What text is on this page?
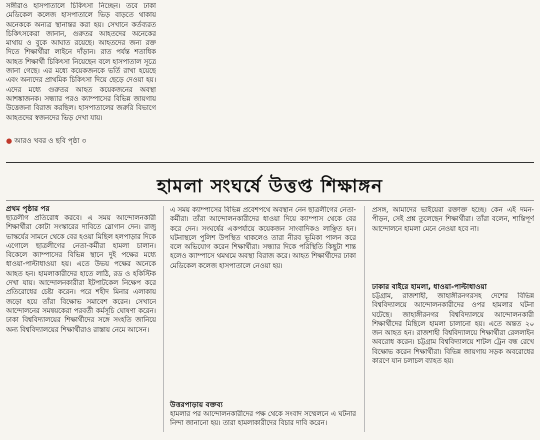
সঙ্গীরাও হাসপাতালে চিকিৎসা নিচ্ছেন। তবে ঢাকা মেডিকেল কলেজ হাসপাতালে ভিড় বাড়তে থাকায় অনেককে অন্যত্র স্থানান্তর করা হয়। সেখানে কর্তব্যরত চিকিৎসকেরা জানান, গুরুতর আহতদের অনেকের মাথায় ও বুকে আঘাত রয়েছে। আহতদের জন্য রক্ত দিতে শিক্ষার্থীরা লাইনে দাঁড়ান। রাত পর্যন্ত শতাধিক আহত শিক্ষার্থী চিকিৎসা নিয়েছেন বলে হাসপাতাল সূত্রে জানা গেছে। এর মধ্যে কয়েকজনকে ভর্তি রাখা হয়েছে এবং অন্যদের প্রাথমিক চিকিৎসা দিয়ে ছেড়ে দেওয়া হয়। এদের মধ্যে গুরুতর আহত কয়েকজনের অবস্থা আশঙ্কাজনক। সন্ধ্যার পরও ক্যাম্পাসের বিভিন্ন জায়গায় উত্তেজনা বিরাজ করছিল। হাসপাতালের জরুরি বিভাগে আহতদের স্বজনদের ভিড় দেখা যায়।
● আরও খবর ও ছবি পৃষ্ঠা ৩
হামলা সংঘর্ষে উত্তপ্ত শিক্ষাঙ্গন
প্রথম পৃষ্ঠার পর
ছাত্রলীগ প্রতিরোধ করবে। এ সময় আন্দোলনকারী শিক্ষার্থীরা কোটা সংস্কারের দাবিতে স্লোগান দেন। রাজু ভাস্কর্যের সামনে থেকে বের হওয়া মিছিল হলপাড়ার দিকে এগোলে ছাত্রলীগের নেতা-কর্মীরা হামলা চালান। বিকেলে ক্যাম্পাসের বিভিন্ন স্থানে দুই পক্ষের মধ্যে ধাওয়া-পাল্টাধাওয়া হয়। এতে উভয় পক্ষের অনেকে আহত হন। হামলাকারীদের হাতে লাঠি, রড ও হকিস্টিক দেখা যায়। আন্দোলনকারীরা ইটপাটকেল নিক্ষেপ করে প্রতিরোধের চেষ্টা করেন। পরে শহীদ মিনার এলাকায় জড়ো হয়ে তাঁরা বিক্ষোভ সমাবেশ করেন। সেখানে আন্দোলনের সমন্বয়কেরা পরবর্তী কর্মসূচি ঘোষণা করেন। ঢাকা বিশ্ববিদ্যালয়ের শিক্ষার্থীদের সঙ্গে সংহতি জানিয়ে অন্য বিশ্ববিদ্যালয়ের শিক্ষার্থীরাও রাস্তায় নেমে আসেন।
এ সময় ক্যাম্পাসের বিভিন্ন প্রবেশপথে অবস্থান নেন ছাত্রলীগের নেতা-কর্মীরা। তাঁরা আন্দোলনকারীদের ধাওয়া দিয়ে ক্যাম্পাস থেকে বের করে দেন। সংঘর্ষের একপর্যায়ে কয়েকজন সাংবাদিকও লাঞ্ছিত হন। ঘটনাস্থলে পুলিশ উপস্থিত থাকলেও তারা নীরব ভূমিকা পালন করে বলে অভিযোগ করেন শিক্ষার্থীরা। সন্ধ্যার দিকে পরিস্থিতি কিছুটা শান্ত হলেও ক্যাম্পাসে থমথমে অবস্থা বিরাজ করে। আহত শিক্ষার্থীদের ঢাকা মেডিকেল কলেজ হাসপাতালে নেওয়া হয়।
উত্তরপাড়ায় বক্তব্য
হামলার পর আন্দোলনকারীদের পক্ষ থেকে সংবাদ সম্মেলনে এ ঘটনার নিন্দা জানানো হয়। তারা হামলাকারীদের বিচার দাবি করেন।
প্রসঙ্গ, আমাদের ভাইয়েরা রক্তাক্ত হচ্ছে। কেন এই দমন-পীড়ন, সেই প্রশ্ন তুলেছেন শিক্ষার্থীরা। তাঁরা বলেন, শান্তিপূর্ণ আন্দোলনে হামলা মেনে নেওয়া হবে না।
ঢাকার বাইরে হামলা, ধাওয়া-পাল্টাধাওয়া
চট্টগ্রাম, রাজশাহী, জাহাঙ্গীরনগরসহ দেশের বিভিন্ন বিশ্ববিদ্যালয়ে আন্দোলনকারীদের ওপর হামলার ঘটনা ঘটেছে। জাহাঙ্গীরনগর বিশ্ববিদ্যালয়ে আন্দোলনকারী শিক্ষার্থীদের মিছিলে হামলা চালানো হয়। এতে অন্তত ২০ জন আহত হন। রাজশাহী বিশ্ববিদ্যালয়ে শিক্ষার্থীরা রেললাইন অবরোধ করেন। চট্টগ্রাম বিশ্ববিদ্যালয়ে শাটল ট্রেন বন্ধ রেখে বিক্ষোভ করেন শিক্ষার্থীরা। বিভিন্ন জায়গায় সড়ক অবরোধের কারণে যান চলাচল ব্যাহত হয়।
